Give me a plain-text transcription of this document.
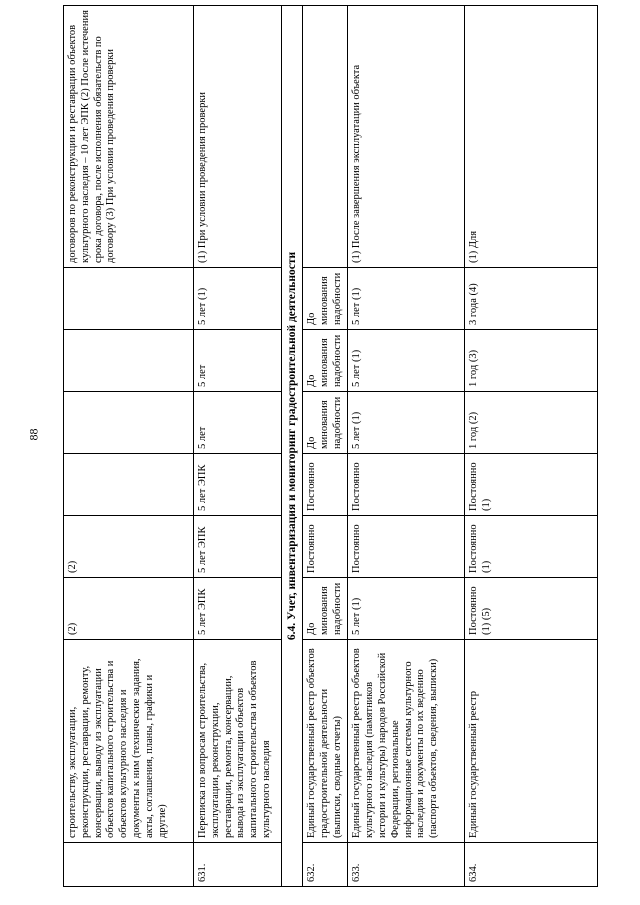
88
	строительству, эксплуатации, реконструкции, реставрации, ремонту, консервации, выводу из эксплуатации объектов капитального строительства и объектов культурного наследия и документы к ним (технические задания, акты, соглашения, планы, графики и другие)	(2)	(2)					договоров по реконструкции и реставрации объектов культурного наследия – 10 лет ЭПК (2) После истечения срока договора, после исполнения обязательств по договору (3) При условии проведения проверки
631.	Переписка по вопросам строительства, эксплуатации, реконструкции, реставрации, ремонта, консервации, вывода из эксплуатации объектов капитального строительства и объектов культурного наследия	5 лет ЭПК	5 лет ЭПК	5 лет ЭПК	5 лет	5 лет	5 лет (1)	(1) При условии проведения проверки
6.4. Учет, инвентаризация и мониторинг градостроительной деятельности								
632.	Единый государственный реестр объектов градостроительной деятельности (выписки, сводные отчеты)	До минования надобности	Постоянно	Постоянно	До минования надобности	До минования надобности	До минования надобности	
633.	Единый государственный реестр объектов культурного наследия (памятников истории и культуры) народов Российской Федерации, региональные информационные системы культурного наследия и документы по их ведению (паспорта объектов, сведения, выписки)	5 лет (1)	Постоянно	Постоянно	5 лет (1)	5 лет (1)	5 лет (1)	(1) После завершения эксплуатации объекта
634.	Единый государственный реестр	Постоянно (1) (5)	Постоянно (1)	Постоянно (1)	1 год (2)	1 год (3)	3 года (4)	(1) Для
